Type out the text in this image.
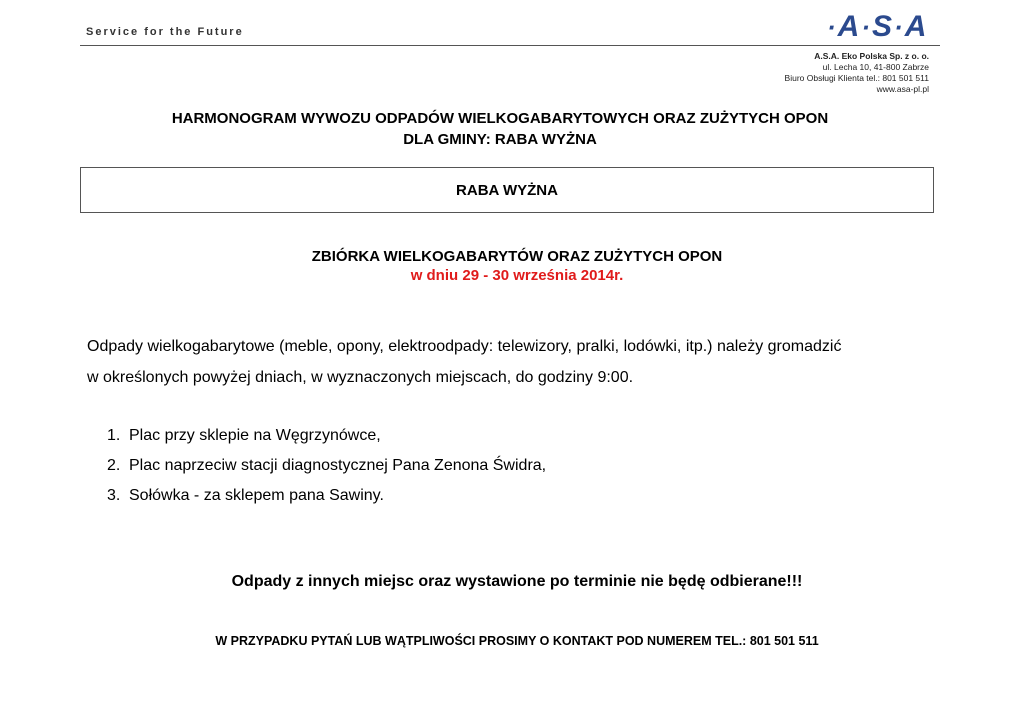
Service for the Future	· A · S · A
A.S.A. Eko Polska Sp. z o. o.
ul. Lecha 10, 41-800 Zabrze
Biuro Obsługi Klienta tel.: 801 501 511
www.asa-pl.pl
HARMONOGRAM WYWOZU ODPADÓW WIELKOGABARYTOWYCH ORAZ ZUŻYTYCH OPON
DLA GMINY: RABA WYŻNA
RABA WYŻNA
ZBIÓRKA WIELKOGABARYTÓW ORAZ ZUŻYTYCH OPON
w dniu 29 - 30 września 2014r.
Odpady wielkogabarytowe (meble, opony, elektroodpady: telewizory, pralki, lodówki, itp.) należy gromadzić
w określonych powyżej dniach, w wyznaczonych miejscach, do godziny 9:00.
1. Plac przy sklepie na Węgrzynówce,
2. Plac naprzeciw stacji diagnostycznej Pana Zenona Świdra,
3. Sołówka - za sklepem pana Sawiny.
Odpady z innych miejsc oraz wystawione po terminie nie będę odbierane!!!
W PRZYPADKU PYTAŃ LUB WĄTPLIWOŚCI PROSIMY O KONTAKT POD NUMEREM TEL.: 801 501 511
